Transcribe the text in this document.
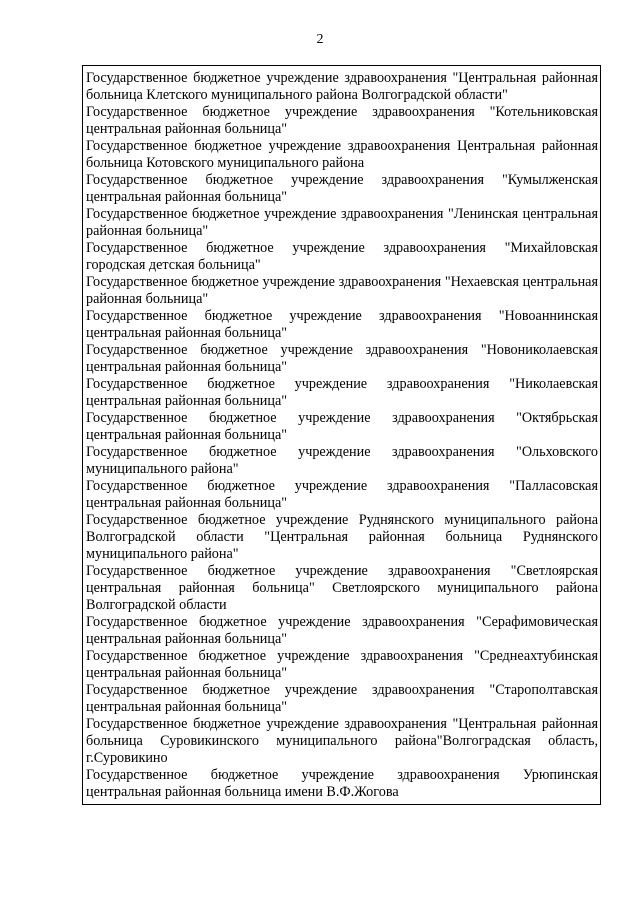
2

Государственное бюджетное учреждение здравоохранения "Центральная районная больница Клетского муниципального района Волгоградской области"

Государственное бюджетное учреждение здравоохранения "Котельниковская центральная районная больница"

Государственное бюджетное учреждение здравоохранения Центральная районная больница Котовского муниципального района

Государственное бюджетное учреждение здравоохранения "Кумылженская центральная районная больница"

Государственное бюджетное учреждение здравоохранения "Ленинская центральная районная больница"

Государственное бюджетное учреждение здравоохранения "Михайловская городская детская больница"

Государственное бюджетное учреждение здравоохранения "Нехаевская центральная районная больница"

Государственное бюджетное учреждение здравоохранения "Новоаннинская центральная районная больница"

Государственное бюджетное учреждение здравоохранения "Новониколаевская центральная районная больница"

Государственное бюджетное учреждение здравоохранения "Николаевская центральная районная больница"

Государственное бюджетное учреждение здравоохранения "Октябрьская центральная районная больница"

Государственное бюджетное учреждение здравоохранения "Ольховского муниципального района"

Государственное бюджетное учреждение здравоохранения "Палласовская центральная районная больница"

Государственное бюджетное учреждение Руднянского муниципального района Волгоградской области "Центральная районная больница Руднянского муниципального района"

Государственное бюджетное учреждение здравоохранения "Светлоярская центральная районная больница" Светлоярского муниципального района Волгоградской области

Государственное бюджетное учреждение здравоохранения "Серафимовическая центральная районная больница"

Государственное бюджетное учреждение здравоохранения "Среднеахтубинская центральная районная больница"

Государственное бюджетное учреждение здравоохранения "Старополтавская центральная районная больница"

Государственное бюджетное учреждение здравоохранения "Центральная районная больница Суровикинского муниципального района"Волгоградская область, г.Суровикино

Государственное бюджетное учреждение здравоохранения Урюпинская центральная районная больница имени В.Ф.Жогова
